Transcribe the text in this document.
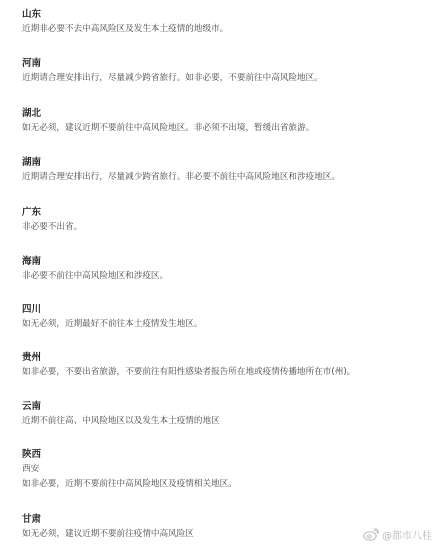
山东
近期非必要不去中高风险区及发生本土疫情的地级市。
河南
近期请合理安排出行，尽量减少跨省旅行。如非必要，不要前往中高风险地区。
湖北
如无必须，建议近期不要前往中高风险地区。非必须不出境，暂缓出省旅游。
湖南
近期请合理安排出行，尽量减少跨省旅行。非必要不前往中高风险地区和涉疫地区。
广东
非必要不出省。
海南
非必要不前往中高风险地区和涉疫区。
四川
如无必须，近期最好不前往本土疫情发生地区。
贵州
如非必要，不要出省旅游，不要前往有阳性感染者报告所在地或疫情传播地所在市(州)。
云南
近期不前往高、中风险地区以及发生本土疫情的地区
陕西
西安
如非必要，近期不要前往中高风险地区及疫情相关地区。
甘肃
如无必须，建议近期不要前往疫情中高风险区	@都市八桂
